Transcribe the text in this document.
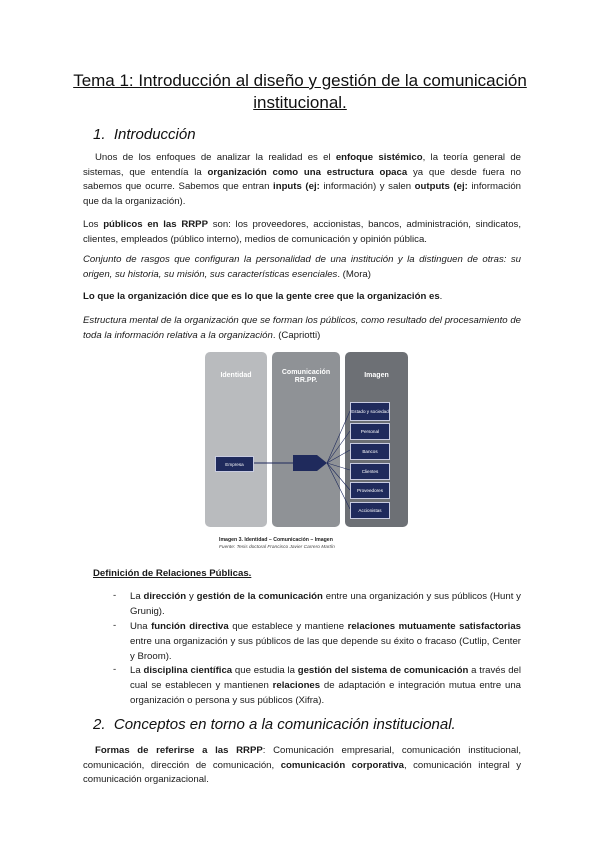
Tema 1: Introducción al diseño y gestión de la comunicación institucional.
1. Introducción

Unos de los enfoques de analizar la realidad es el enfoque sistémico, la teoría general de sistemas, que entendía la organización como una estructura opaca ya que desde fuera no sabemos que ocurre. Sabemos que entran inputs (ej: información) y salen outputs (ej: información que da la organización).

Los públicos en las RRPP son: los proveedores, accionistas, bancos, administración, sindicatos, clientes, empleados (público interno), medios de comunicación y opinión pública.

Conjunto de rasgos que configuran la personalidad de una institución y la distinguen de otras: su origen, su historia, su misión, sus características esenciales. (Mora)

Lo que la organización dice que es lo que la gente cree que la organización es.

Estructura mental de la organización que se forman los públicos, como resultado del procesamiento de toda la información relativa a la organización. (Capriotti)

Identidad	Comunicación RR.PP.
Imagen
Empresa
Estado y sociedad
Personal
Bancos
Clientes
Proveedores
Accionistas
Imagen 3. Identidad – Comunicación – Imagen
Fuente: Tesis doctoral Francisco Javier Carrero Martín
Definición de Relaciones Públicas.
- La dirección y gestión de la comunicación entre una organización y sus públicos (Hunt y Grunig).

- Una función directiva que establece y mantiene relaciones mutuamente satisfactorias entre una organización y sus públicos de las que depende su éxito o fracaso (Cutlip, Center y Broom).

- La disciplina científica que estudia la gestión del sistema de comunicación a través del cual se establecen y mantienen relaciones de adaptación e integración mutua entre una organización o persona y sus públicos (Xifra).

2. Conceptos en torno a la comunicación institucional.

Formas de referirse a las RRPP: Comunicación empresarial, comunicación institucional, comunicación, dirección de comunicación, comunicación corporativa, comunicación integral y comunicación organizacional.
